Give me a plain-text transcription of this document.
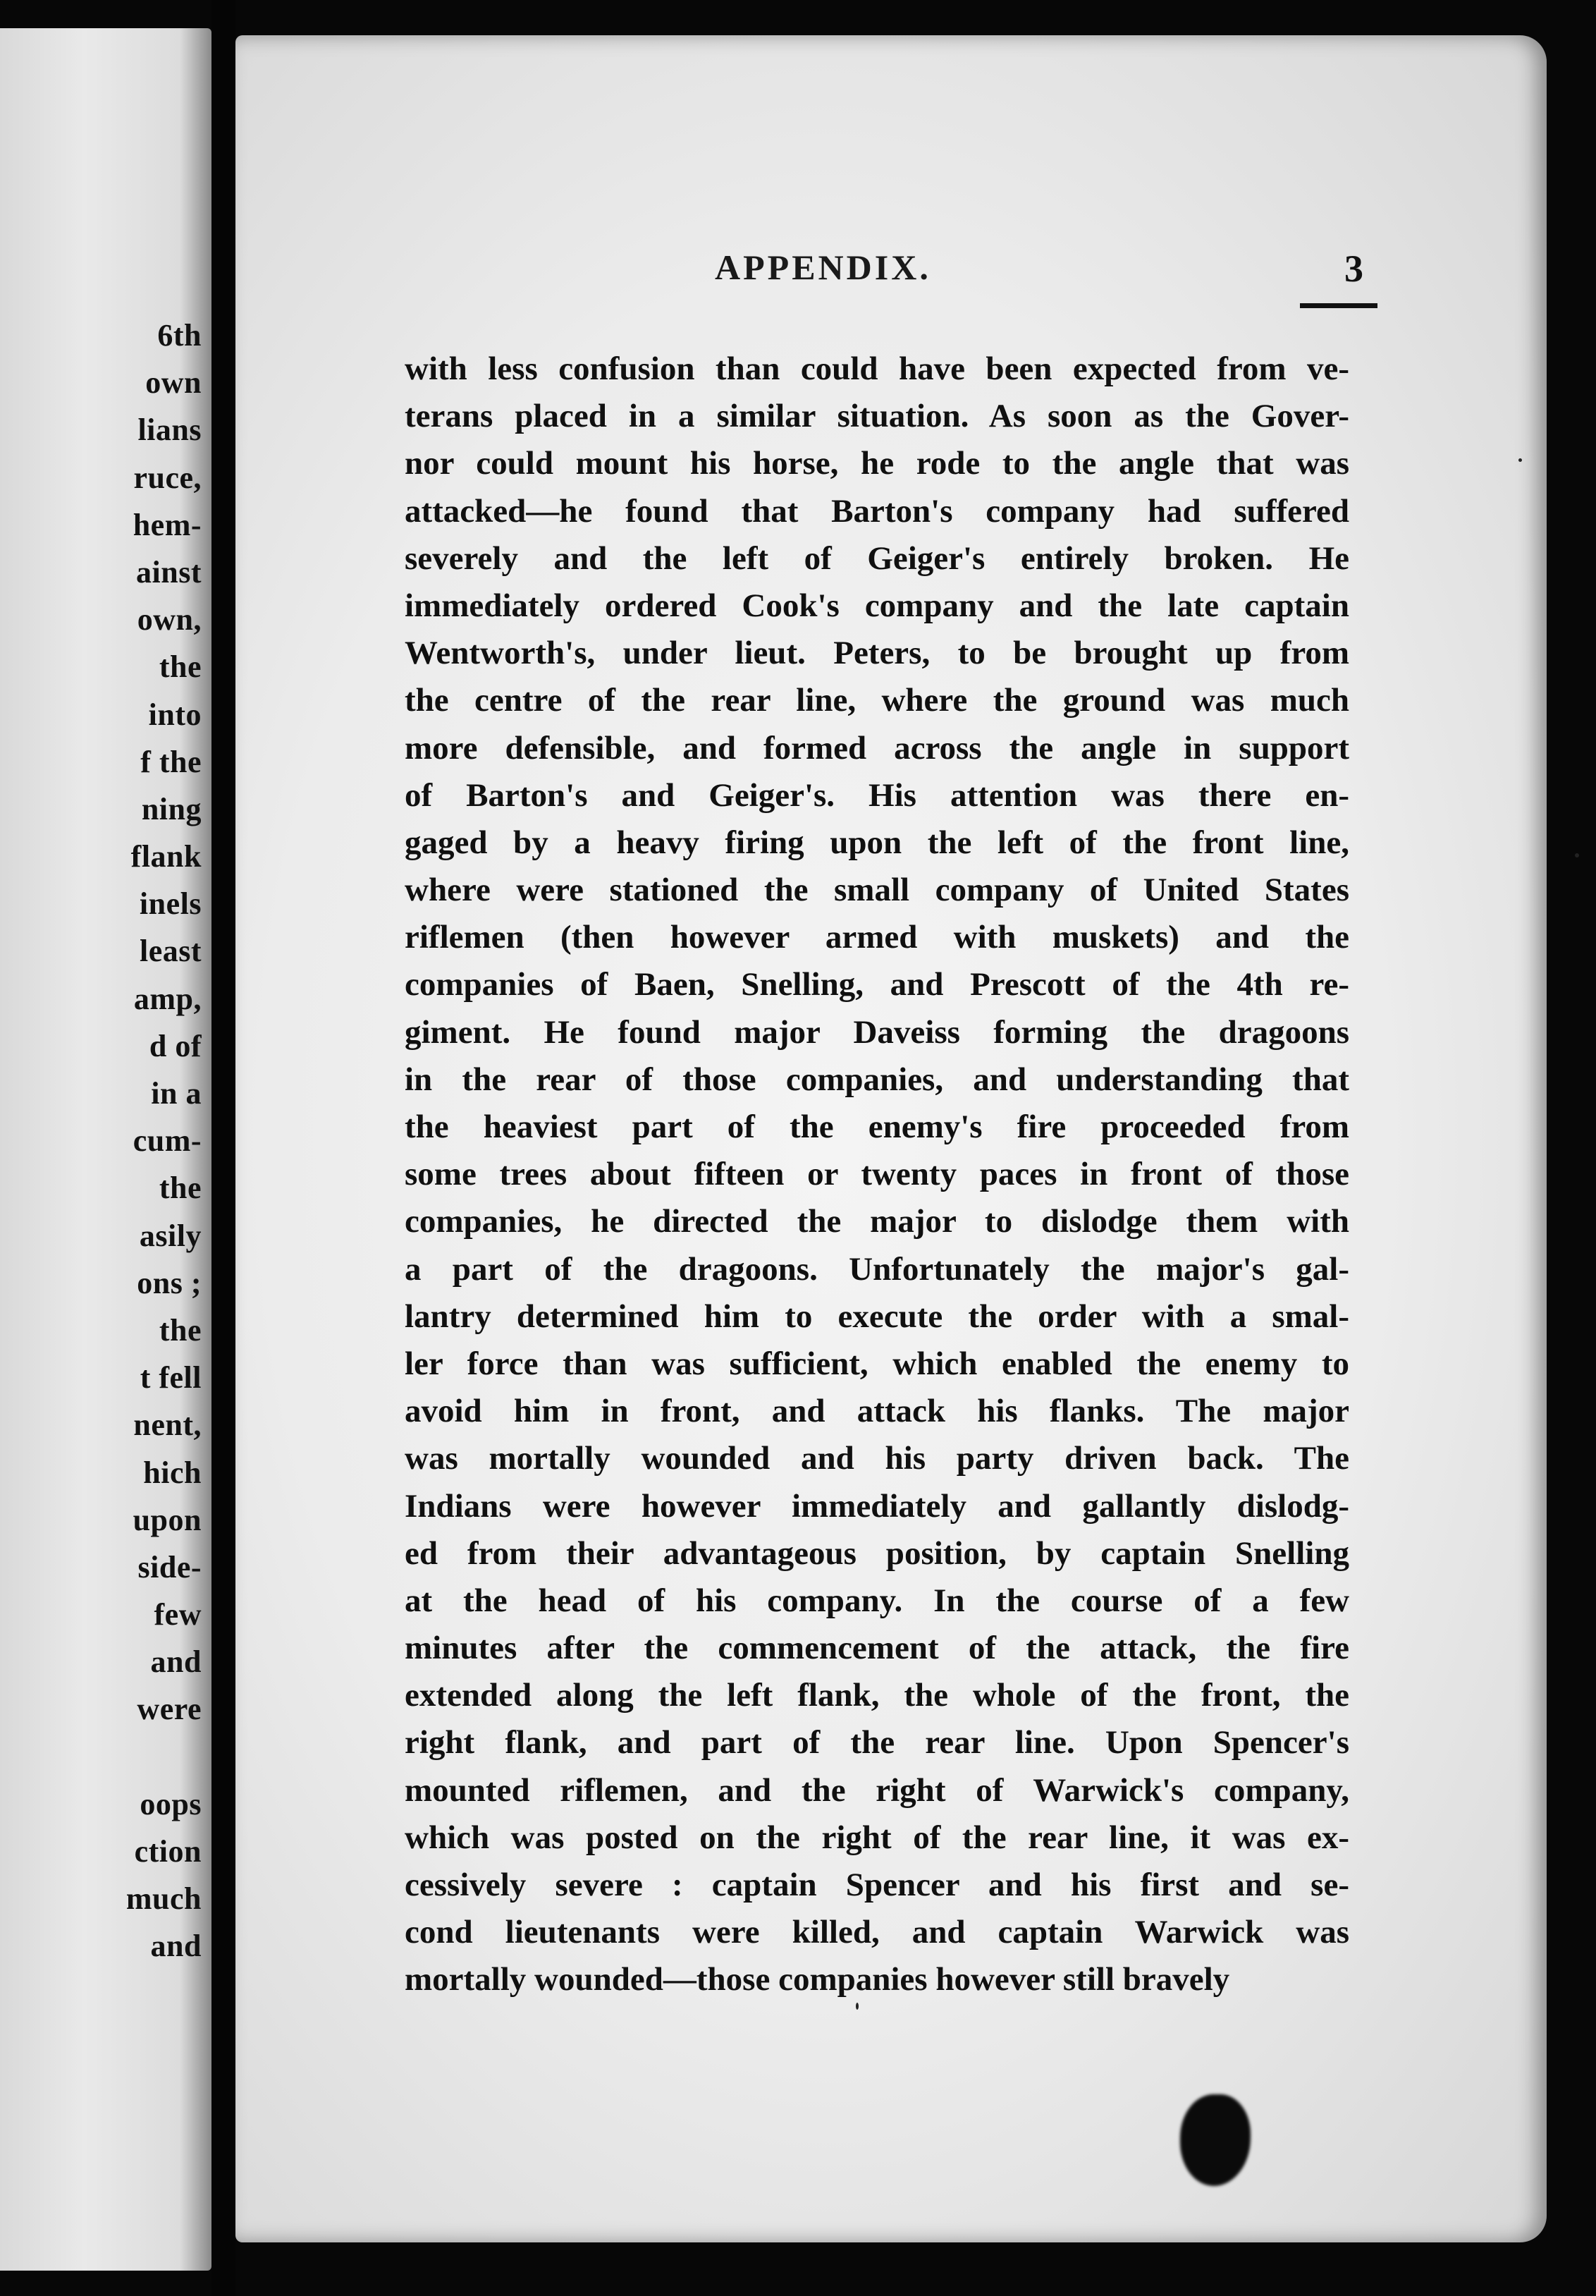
6th
own
lians
ruce,
hem-
ainst
own,
the
into
f the
ning
flank
inels
least
amp,
d of
in a
cum-
the
asily
ons ;
the
t fell
nent,
hich
upon
side-
few
and
were
oops
ction
much
and
APPENDIX.	3
with less confusion than could have been expected from ve-
terans placed in a similar situation. As soon as the Gover-
nor could mount his horse, he rode to the angle that was
attacked—he found that Barton's company had suffered
severely and the left of Geiger's entirely broken. He
immediately ordered Cook's company and the late captain
Wentworth's, under lieut. Peters, to be brought up from
the centre of the rear line, where the ground was much
more defensible, and formed across the angle in support
of Barton's and Geiger's. His attention was there en-
gaged by a heavy firing upon the left of the front line,
where were stationed the small company of United States
riflemen (then however armed with muskets) and the
companies of Baen, Snelling, and Prescott of the 4th re-
giment. He found major Daveiss forming the dragoons
in the rear of those companies, and understanding that
the heaviest part of the enemy's fire proceeded from
some trees about fifteen or twenty paces in front of those
companies, he directed the major to dislodge them with
a part of the dragoons. Unfortunately the major's gal-
lantry determined him to execute the order with a smal-
ler force than was sufficient, which enabled the enemy to
avoid him in front, and attack his flanks. The major
was mortally wounded and his party driven back. The
Indians were however immediately and gallantly dislodg-
ed from their advantageous position, by captain Snelling
at the head of his company. In the course of a few
minutes after the commencement of the attack, the fire
extended along the left flank, the whole of the front, the
right flank, and part of the rear line. Upon Spencer's
mounted riflemen, and the right of Warwick's company,
which was posted on the right of the rear line, it was ex-
cessively severe : captain Spencer and his first and se-
cond lieutenants were killed, and captain Warwick was
mortally wounded—those companies however still bravely
